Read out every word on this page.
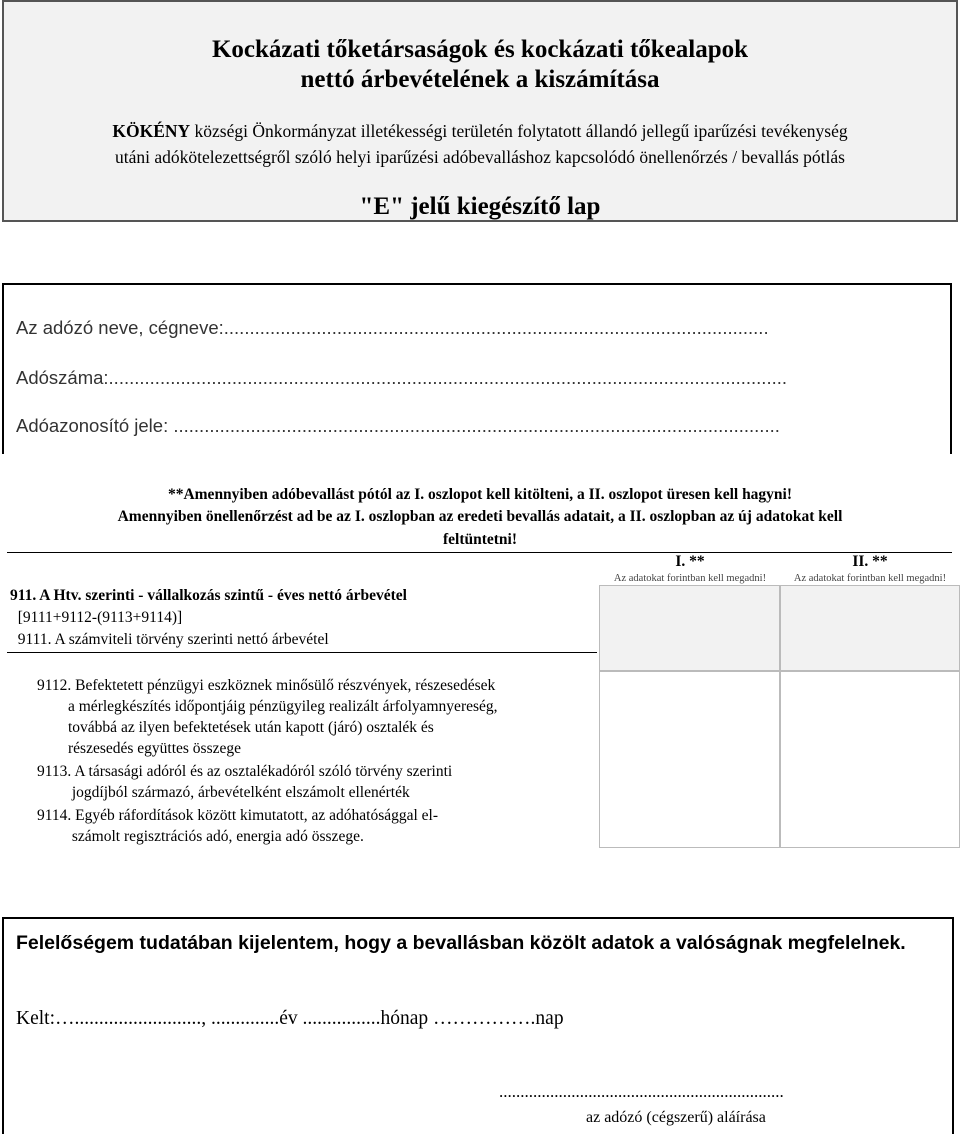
Kockázati tőketársaságok és kockázati tőkealapok
nettó árbevételének a kiszámítása
KÖKÉNY községi Önkormányzat illetékességi területén folytatott állandó jellegű iparűzési tevékenység
utáni adókötelezettségről szóló helyi iparűzési adóbevalláshoz kapcsolódó önellenőrzés / bevallás pótlás
"E" jelű kiegészítő lap
Az adózó neve, cégneve:..........................................................................................................
Adószáma:....................................................................................................................................
Adóazonosító jele: ......................................................................................................................
**Amennyiben adóbevallást pótól az I. oszlopot kell kitölteni, a II. oszlopot üresen kell hagyni!
Amennyiben önellenőrzést ad be az I. oszlopban az eredeti bevallás adatait, a II. oszlopban az új adatokat kell
feltüntetni!
I. **
Az adatokat forintban kell megadni!
II. **
Az adatokat forintban kell megadni!
911. A Htv. szerinti - vállalkozás szintű - éves nettó árbevétel
[9111+9112-(9113+9114)]
9111. A számviteli törvény szerinti nettó árbevétel
9112. Befektetett pénzügyi eszköznek minősülő részvények, részesedések
a mérlegkészítés időpontjáig pénzügyileg realizált árfolyamnyereség,
továbbá az ilyen befektetések után kapott (járó) osztalék és
részesedés együttes összege
9113. A társasági adóról és az osztalékadóról szóló törvény szerinti
jogdíjból származó, árbevételként elszámolt ellenérték
9114. Egyéb ráfordítások között kimutatott, az adóhatósággal el-
számolt regisztrációs adó, energia adó összege.
Felelőségem tudatában kijelentem, hogy a bevallásban közölt adatok a valóságnak megfelelnek.
Kelt:….........................., ..............év ................hónap …………….nap
...................................................................
az adózó (cégszerű) aláírása
